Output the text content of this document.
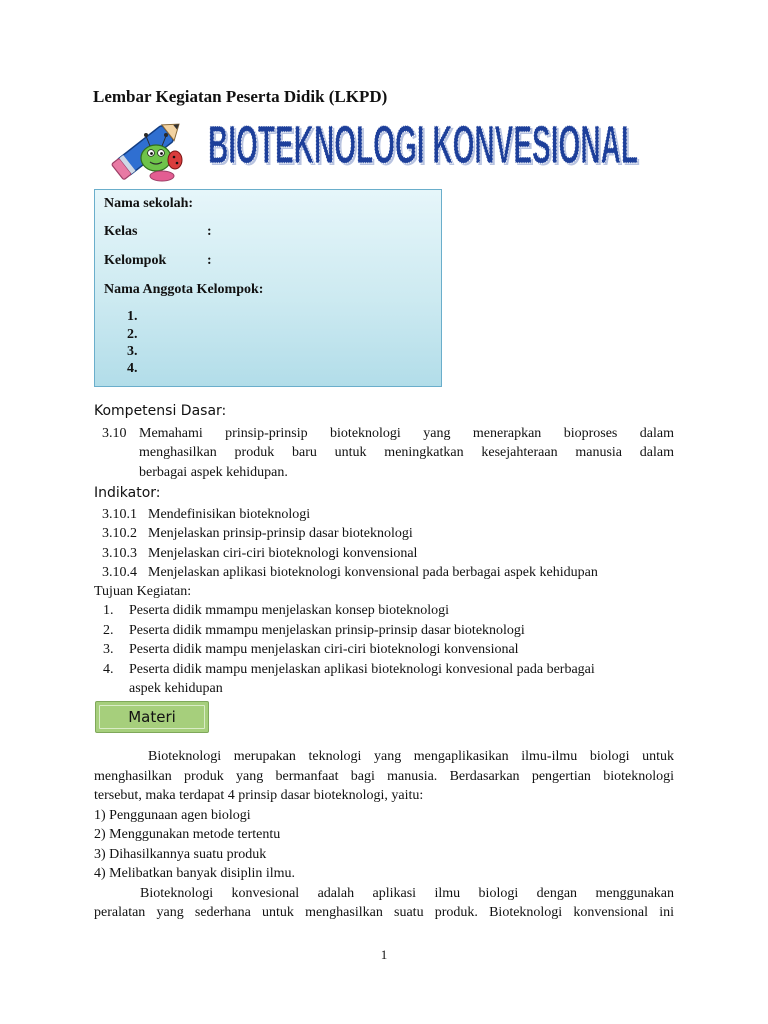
Lembar Kegiatan Peserta Didik (LKPD)
BIOTEKNOLOGI KONVESIONAL
BIOTEKNOLOGI KONVESIONAL
Nama sekolah:
Kelas	:
Kelompok	:
Nama Anggota Kelompok:
1.
2.
3.
4.
Kompetensi Dasar:
3.10 Memahami prinsip-prinsip bioteknologi yang menerapkan bioproses dalam
menghasilkan produk baru untuk meningkatkan kesejahteraan manusia dalam
berbagai aspek kehidupan.
Indikator:
3.10.1 Mendefinisikan bioteknologi
3.10.2 Menjelaskan prinsip-prinsip dasar bioteknologi
3.10.3 Menjelaskan ciri-ciri bioteknologi konvensional
3.10.4 Menjelaskan aplikasi bioteknologi konvensional pada berbagai aspek kehidupan
Tujuan Kegiatan:
1. Peserta didik mmampu menjelaskan konsep bioteknologi
2. Peserta didik mmampu menjelaskan prinsip-prinsip dasar bioteknologi
3. Peserta didik mampu menjelaskan ciri-ciri bioteknologi konvensional
4. Peserta didik mampu menjelaskan aplikasi bioteknologi konvesional pada berbagai
aspek kehidupan
Materi
Bioteknologi merupakan teknologi yang mengaplikasikan ilmu-ilmu biologi untuk
menghasilkan produk yang bermanfaat bagi manusia. Berdasarkan pengertian bioteknologi
tersebut, maka terdapat 4 prinsip dasar bioteknologi, yaitu:
1) Penggunaan agen biologi
2) Menggunakan metode tertentu
3) Dihasilkannya suatu produk
4) Melibatkan banyak disiplin ilmu.
Bioteknologi konvesional adalah aplikasi ilmu biologi dengan menggunakan
peralatan yang sederhana untuk menghasilkan suatu produk. Bioteknologi konvensional ini
1
